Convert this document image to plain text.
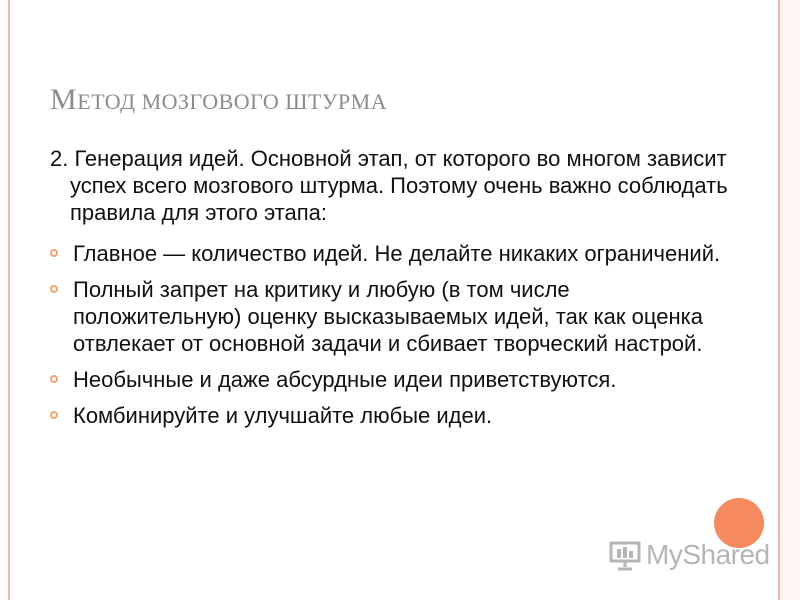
МЕТОД МОЗГОВОГО ШТУРМА

2. Генерация идей. Основной этап, от которого во многом зависит успех всего мозгового штурма. Поэтому очень важно соблюдать правила для этого этапа:

Главное — количество идей. Не делайте никаких ограничений.
Полный запрет на критику и любую (в том числе положительную) оценку высказываемых идей, так как оценка отвлекает от основной задачи и сбивает творческий настрой.
Необычные и даже абсурдные идеи приветствуются.
Комбинируйте и улучшайте любые идеи.
MyShared
